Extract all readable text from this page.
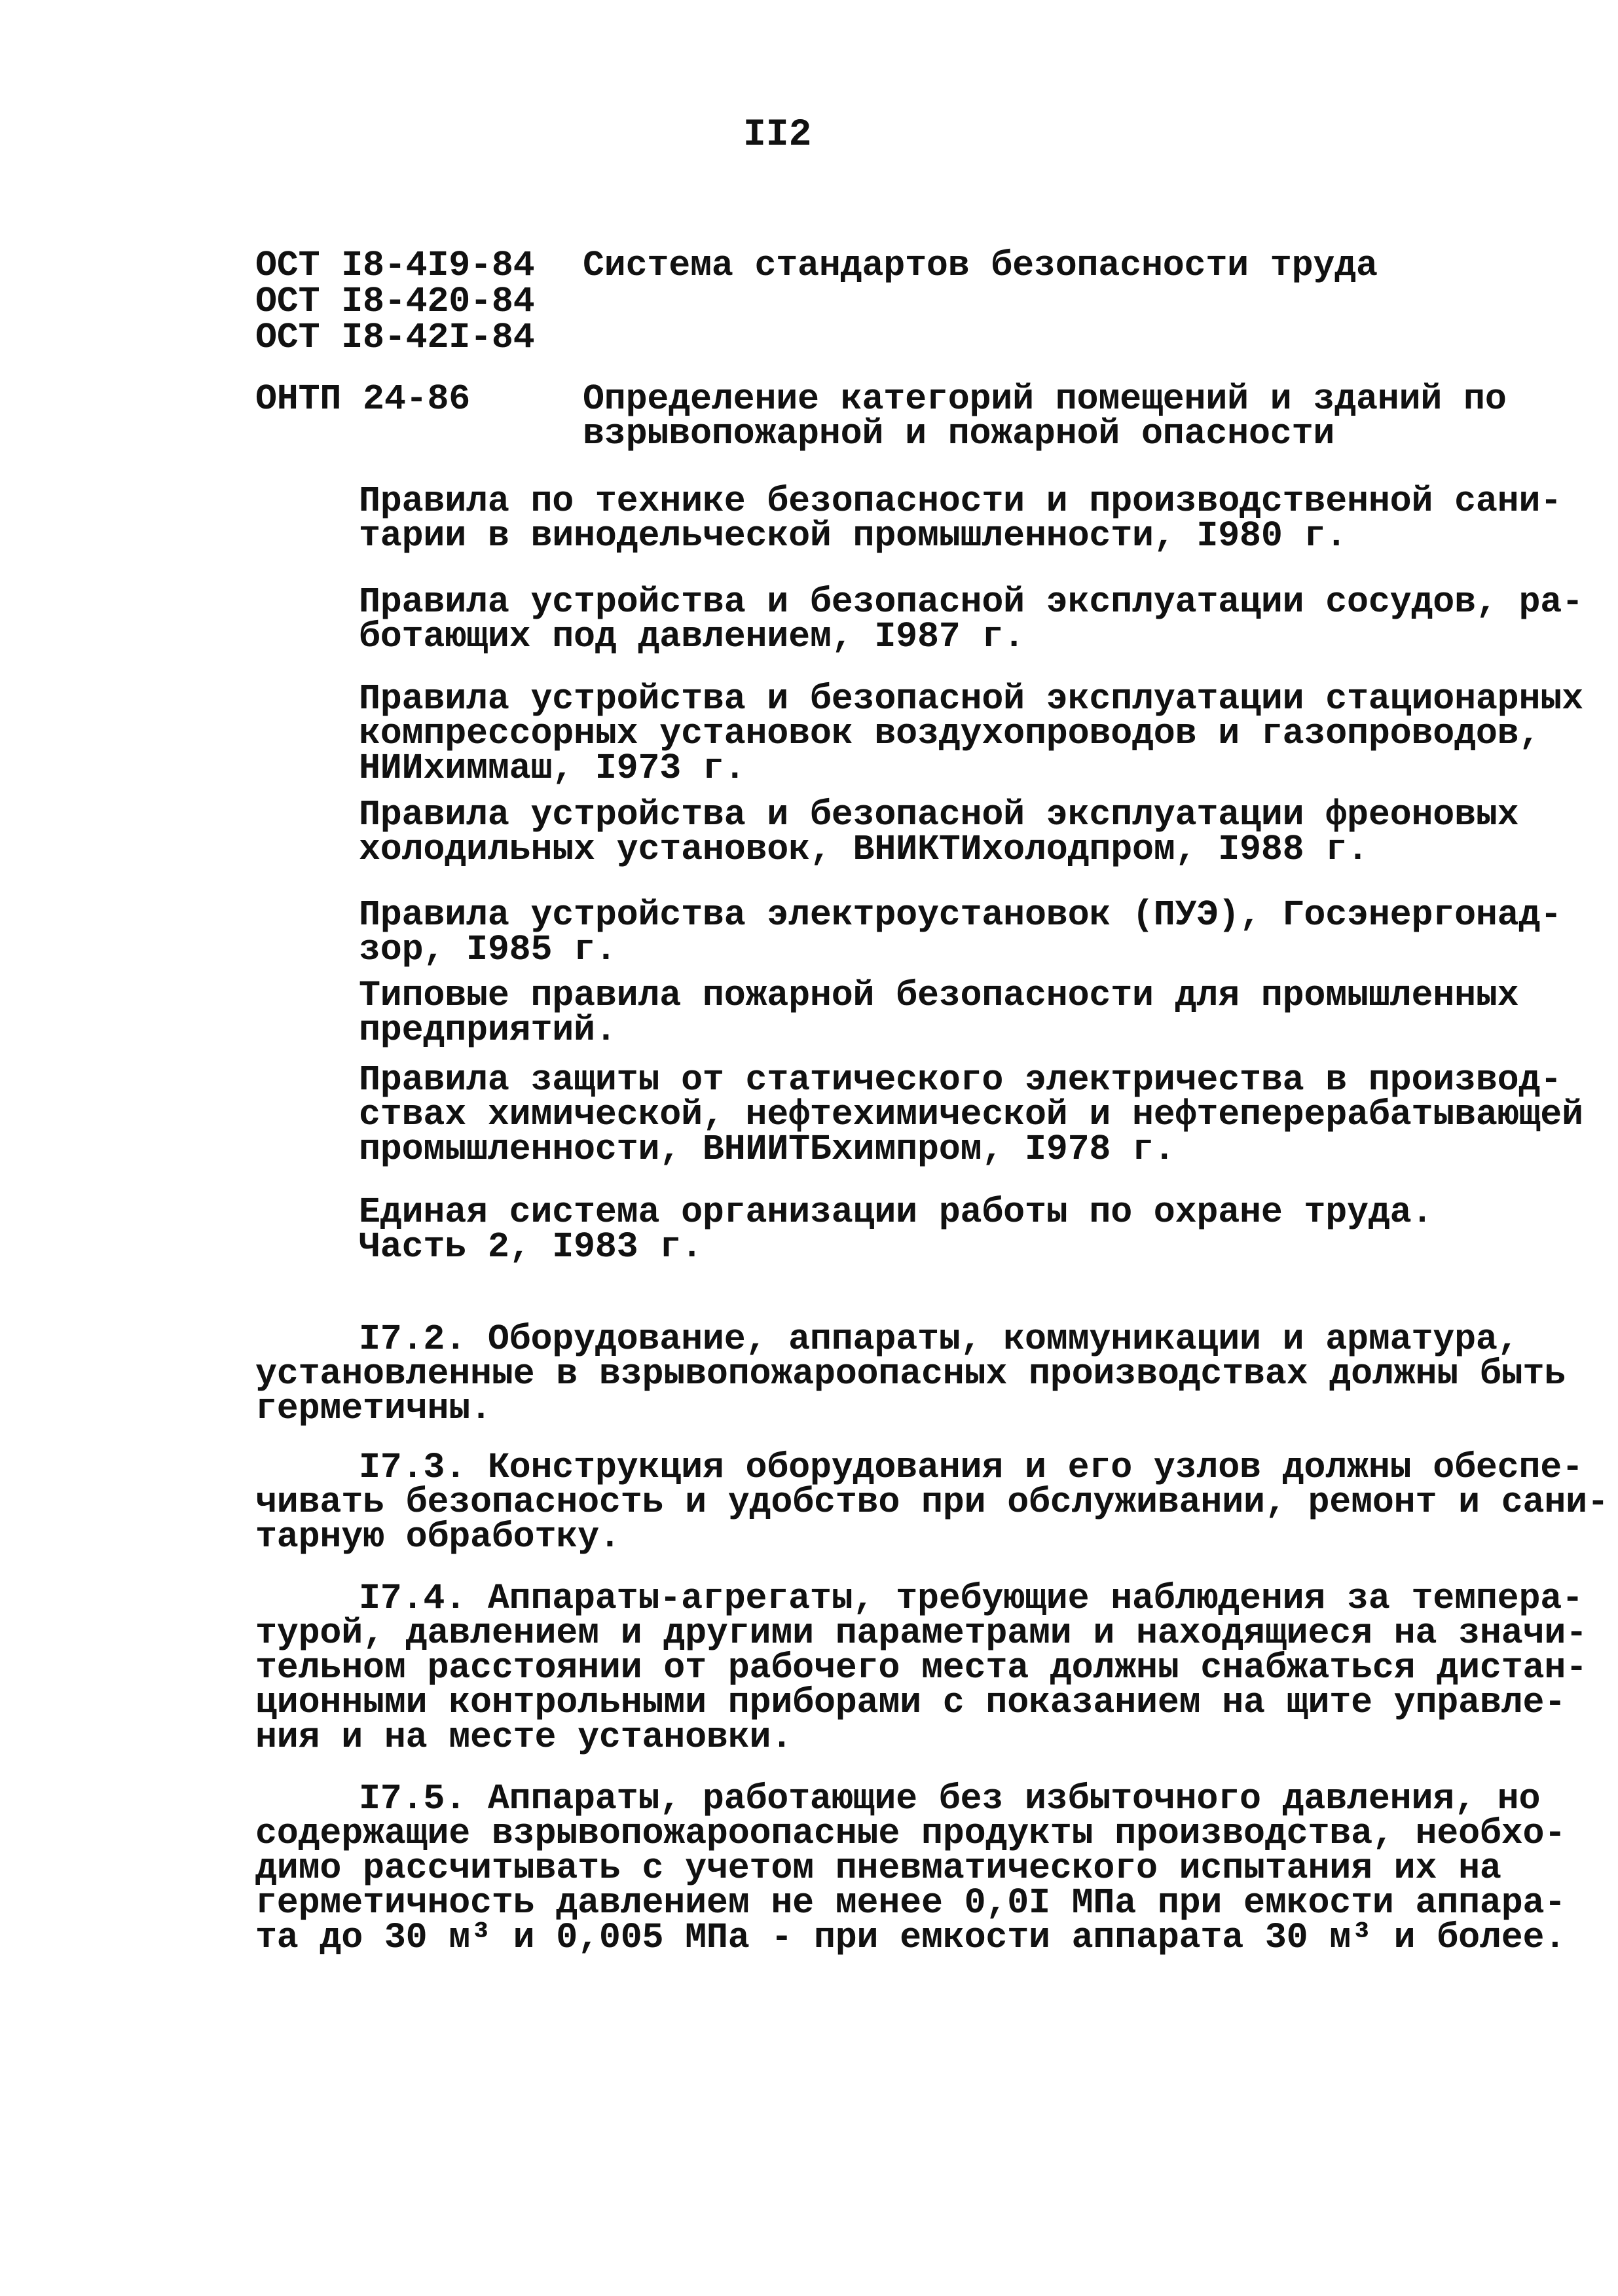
II2
ОСТ I8-4I9-84
ОСТ I8-420-84
ОСТ I8-42I-84
Система стандартов безопасности труда
ОНТП 24-86	Определение категорий помещений и зданий по
взрывопожарной и пожарной опасности
Правила по технике безопасности и производственной сани-
тарии в винодельческой промышленности, I980 г.
Правила устройства и безопасной эксплуатации сосудов, ра-
ботающих под давлением, I987 г.
Правила устройства и безопасной эксплуатации стационарных
компрессорных установок воздухопроводов и газопроводов,
НИИхиммаш, I973 г.
Правила устройства и безопасной эксплуатации фреоновых
холодильных установок, ВНИКТИхолодпром, I988 г.
Правила устройства электроустановок (ПУЭ), Госэнергонад-
зор, I985 г.
Типовые правила пожарной безопасности для промышленных
предприятий.
Правила защиты от статического электричества в производ-
ствах химической, нефтехимической и нефтеперерабатывающей
промышленности, ВНИИТБхимпром, I978 г.
Единая система организации работы по охране труда.
Часть 2, I983 г.
I7.2. Оборудование, аппараты, коммуникации и арматура,
установленные в взрывопожароопасных производствах должны быть
герметичны.
I7.3. Конструкция оборудования и его узлов должны обеспе-
чивать безопасность и удобство при обслуживании, ремонт и сани-
тарную обработку.
I7.4. Аппараты-агрегаты, требующие наблюдения за темпера-
турой, давлением и другими параметрами и находящиеся на значи-
тельном расстоянии от рабочего места должны снабжаться дистан-
ционными контрольными приборами с показанием на щите управле-
ния и на месте установки.
I7.5. Аппараты, работающие без избыточного давления, но
содержащие взрывопожароопасные продукты производства, необхо-
димо рассчитывать с учетом пневматического испытания их на
герметичность давлением не менее 0,0I МПа при емкости аппара-
та до 30 м³ и 0,005 МПа - при емкости аппарата 30 м³ и более.
